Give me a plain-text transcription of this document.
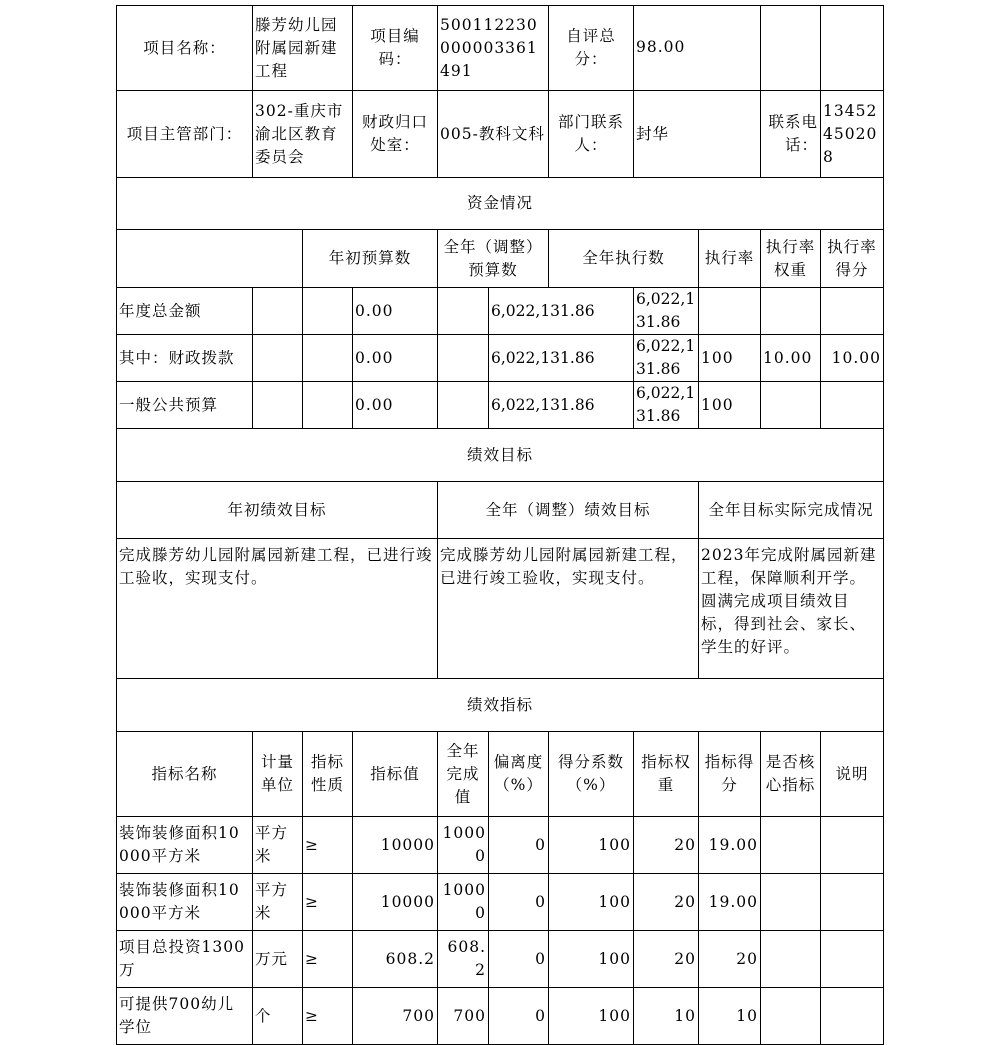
项目名称：	滕芳幼儿园附属园新建工程		项目编码：	500112230000003361491		自评总分：	98.00			
项目主管部门：	302-重庆市渝北区教育委员会		财政归口处室：	005-教科文科		部门联系人：	封华		联系电话：	13452450208
资金情况										
		年初预算数		全年（调整）预算数		全年执行数		执行率	执行率权重	执行率得分
年度总金额			0.00		6,022,131.86		6,022,131.86			
其中：财政拨款			0.00		6,022,131.86		6,022,131.86	100	10.00	10.00
一般公共预算			0.00		6,022,131.86		6,022,131.86	100		
绩效目标										
年初绩效目标				全年（调整）绩效目标				全年目标实际完成情况		
完成滕芳幼儿园附属园新建工程，已进行竣工验收，实现支付。				完成滕芳幼儿园附属园新建工程，已进行竣工验收，实现支付。				2023年完成附属园新建工程，保障顺利开学。圆满完成项目绩效目标，得到社会、家长、学生的好评。		
绩效指标										
指标名称	计量单位	指标性质	指标值	全年完成值	偏离度（%）	得分系数（%）	指标权重	指标得分	是否核心指标	说明
装饰装修面积10000平方米	平方米	≥	10000	10000	0	100	20	19.00		
装饰装修面积10000平方米	平方米	≥	10000	10000	0	100	20	19.00		
项目总投资1300万	万元	≥	608.2	608.2	0	100	20	20		
可提供700幼儿学位	个	≥	700	700	0	100	10	10		
